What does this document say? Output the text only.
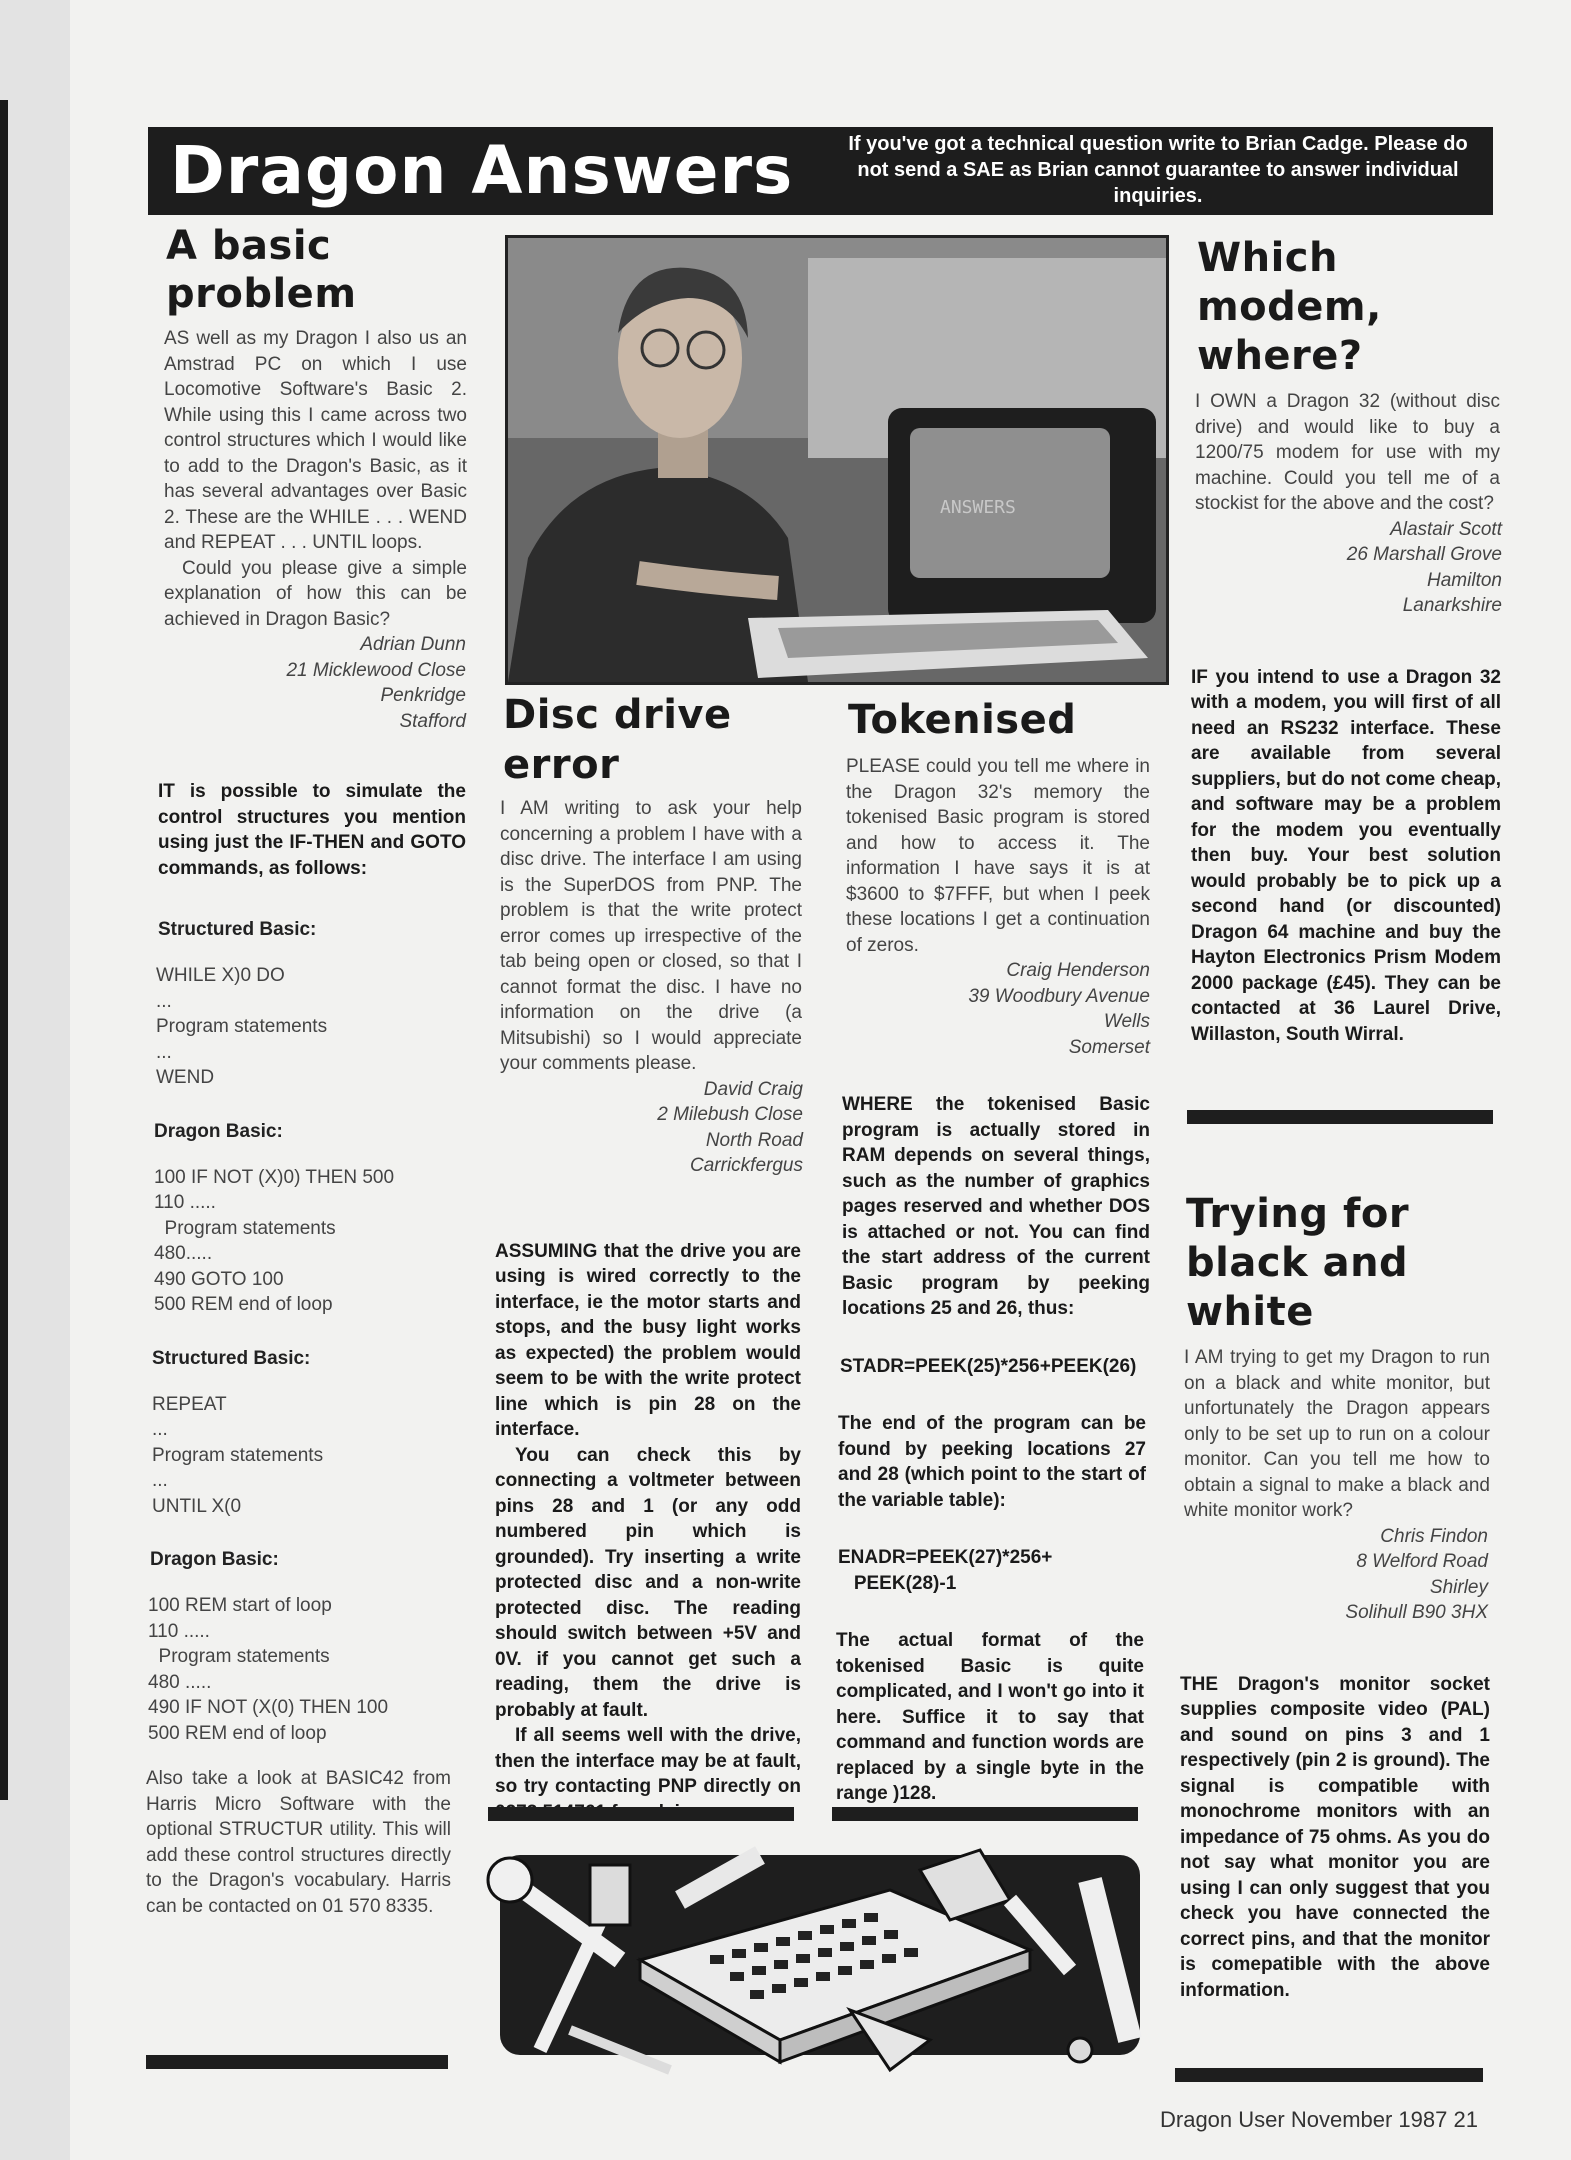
Dragon Answers	If you've got a technical question write to Brian Cadge. Please do not send a SAE as Brian cannot guarantee to answer individual inquiries.
A basic
problem

AS well as my Dragon I also us an Amstrad PC on which I use Locomotive Software's Basic 2. While using this I came across two control structures which I would like to add to the Dragon's Basic, as it has several advantages over Basic 2. These are the WHILE . . . WEND and REPEAT . . . UNTIL loops.

Could you please give a simple explanation of how this can be achieved in Dragon Basic?

Adrian Dunn
21 Micklewood Close
Penkridge
Stafford
IT is possible to simulate the control structures you mention using just the IF-THEN and GOTO commands, as follows:
Structured Basic:
WHILE X)0 DO
...
Program statements
...
WEND
Dragon Basic:
100 IF NOT (X)0) THEN 500
110 .....
Program statements
480.....
490 GOTO 100
500 REM end of loop
Structured Basic:
REPEAT
...
Program statements
...
UNTIL X(0
Dragon Basic:
100 REM start of loop
110 .....
Program statements
480 .....
490 IF NOT (X(0) THEN 100
500 REM end of loop
Also take a look at BASIC42 from Harris Micro Software with the optional STRUCTUR utility. This will add these control structures directly to the Dragon's vocabulary. Harris can be contacted on 01 570 8335.
ANSWERS
Disc drive
error
I AM writing to ask your help concerning a problem I have with a disc drive. The interface I am using is the SuperDOS from PNP. The problem is that the write protect error comes up irrespective of the tab being open or closed, so that I cannot format the disc. I have no information on the drive (a Mitsubishi) so I would appreciate your comments please.
David Craig
2 Milebush Close
North Road
Carrickfergus

ASSUMING that the drive you are using is wired correctly to the interface, ie the motor starts and stops, and the busy light works as expected) the problem would seem to be with the write protect line which is pin 28 on the interface.

You can check this by connecting a voltmeter between pins 28 and 1 (or any odd numbered pin which is grounded). Try inserting a write protected disc and a non-write protected disc. The reading should switch between +5V and 0V. if you cannot get such a reading, them the drive is probably at fault.

If all seems well with the drive, then the interface may be at fault, so try contacting PNP directly on

Tokenised
PLEASE could you tell me where in the Dragon 32's memory the tokenised Basic program is stored and how to access it. The information I have says it is at $3600 to $7FFF, but when I peek these locations I get a continuation of zeros.
Craig Henderson
39 Woodbury Avenue
Wells
Somerset
WHERE the tokenised Basic program is actually stored in RAM depends on several things, such as the number of graphics pages reserved and whether DOS is attached or not. You can find the start address of the current Basic program by peeking locations 25 and 26, thus:
STADR=PEEK(25)*256+PEEK(26)
The end of the program can be found by peeking locations 27 and 28 (which point to the start of the variable table):
ENADR=PEEK(27)*256+
PEEK(28)-1
The actual format of the tokenised Basic is quite complicated, and I won't go into it here. Suffice it to say that command and function words are replaced by a single byte in the range )128.
Which
modem,
where?
I OWN a Dragon 32 (without disc drive) and would like to buy a 1200/75 modem for use with my machine. Could you tell me of a stockist for the above and the cost?
Alastair Scott
26 Marshall Grove
Hamilton
Lanarkshire
IF you intend to use a Dragon 32 with a modem, you will first of all need an RS232 interface. These are available from several suppliers, but do not come cheap, and software may be a problem for the modem you eventually then buy. Your best solution would probably be to pick up a second hand (or discounted) Dragon 64 machine and buy the Hayton Electronics Prism Modem 2000 package (£45). They can be contacted at 36 Laurel Drive, Willaston, South Wirral.
Trying for
black and
white
I AM trying to get my Dragon to run on a black and white monitor, but unfortunately the Dragon appears only to be set up to run on a colour monitor. Can you tell me how to obtain a signal to make a black and white monitor work?
Chris Findon
8 Welford Road
Shirley
Solihull B90 3HX
THE Dragon's monitor socket supplies composite video (PAL) and sound on pins 3 and 1 respectively (pin 2 is ground). The signal is compatible with monochrome monitors with an impedance of 75 ohms. As you do not say what monitor you are using I can only suggest that you check you have connected the correct pins, and that the monitor is comepatible with the above information.
Dragon User November 1987 21
